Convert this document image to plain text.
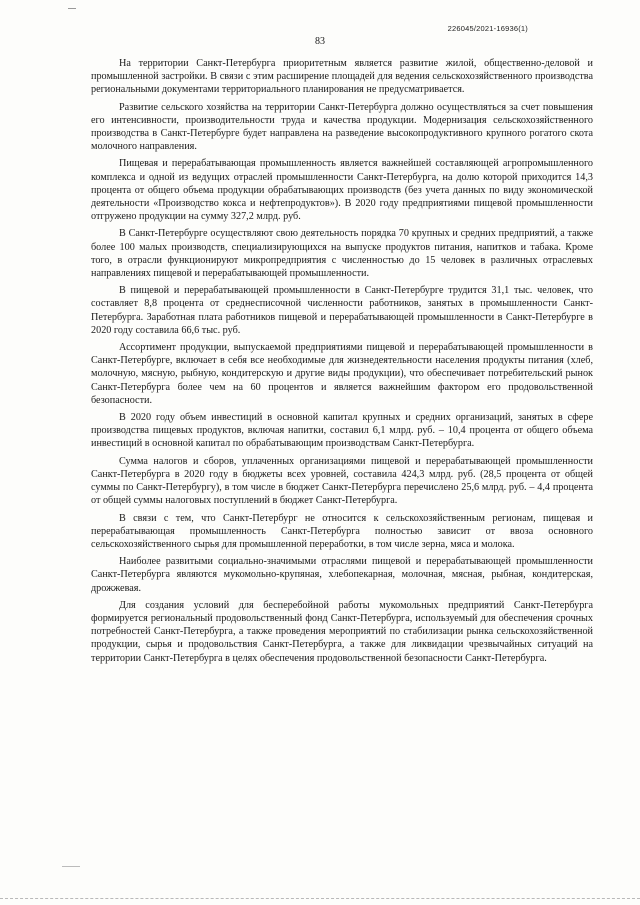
226045/2021-16936(1)
83

На территории Санкт-Петербурга приоритетным является развитие жилой, общественно-деловой и промышленной застройки. В связи с этим расширение площадей для ведения сельскохозяйственного производства региональными документами территориального планирования не предусматривается.

Развитие сельского хозяйства на территории Санкт-Петербурга должно осуществляться за счет повышения его интенсивности, производительности труда и качества продукции. Модернизация сельскохозяйственного производства в Санкт-Петербурге будет направлена на разведение высокопродуктивного крупного рогатого скота молочного направления.

Пищевая и перерабатывающая промышленность является важнейшей составляющей агропромышленного комплекса и одной из ведущих отраслей промышленности Санкт-Петербурга, на долю которой приходится 14,3 процента от общего объема продукции обрабатывающих производств (без учета данных по виду экономической деятельности «Производство кокса и нефтепродуктов»). В 2020 году предприятиями пищевой промышленности отгружено продукции на сумму 327,2 млрд. руб.

В Санкт-Петербурге осуществляют свою деятельность порядка 70 крупных и средних предприятий, а также более 100 малых производств, специализирующихся на выпуске продуктов питания, напитков и табака. Кроме того, в отрасли функционируют микропредприятия с численностью до 15 человек в различных отраслевых направлениях пищевой и перерабатывающей промышленности.

В пищевой и перерабатывающей промышленности в Санкт-Петербурге трудится 31,1 тыс. человек, что составляет 8,8 процента от среднесписочной численности работников, занятых в промышленности Санкт-Петербурга. Заработная плата работников пищевой и перерабатывающей промышленности в Санкт-Петербурге в 2020 году составила 66,6 тыс. руб.

Ассортимент продукции, выпускаемой предприятиями пищевой и перерабатывающей промышленности в Санкт-Петербурге, включает в себя все необходимые для жизнедеятельности населения продукты питания (хлеб, молочную, мясную, рыбную, кондитерскую и другие виды продукции), что обеспечивает потребительский рынок Санкт-Петербурга более чем на 60 процентов и является важнейшим фактором его продовольственной безопасности.

В 2020 году объем инвестиций в основной капитал крупных и средних организаций, занятых в сфере производства пищевых продуктов, включая напитки, составил 6,1 млрд. руб. – 10,4 процента от общего объема инвестиций в основной капитал по обрабатывающим производствам Санкт-Петербурга.

Сумма налогов и сборов, уплаченных организациями пищевой и перерабатывающей промышленности Санкт-Петербурга в 2020 году в бюджеты всех уровней, составила 424,3 млрд. руб. (28,5 процента от общей суммы по Санкт-Петербургу), в том числе в бюджет Санкт-Петербурга перечислено 25,6 млрд. руб. – 4,4 процента от общей суммы налоговых поступлений в бюджет Санкт-Петербурга.

В связи с тем, что Санкт-Петербург не относится к сельскохозяйственным регионам, пищевая и перерабатывающая промышленность Санкт-Петербурга полностью зависит от ввоза основного сельскохозяйственного сырья для промышленной переработки, в том числе зерна, мяса и молока.

Наиболее развитыми социально-значимыми отраслями пищевой и перерабатывающей промышленности Санкт-Петербурга являются мукомольно-крупяная, хлебопекарная, молочная, мясная, рыбная, кондитерская, дрожжевая.

Для создания условий для бесперебойной работы мукомольных предприятий Санкт-Петербурга формируется региональный продовольственный фонд Санкт-Петербурга, используемый для обеспечения срочных потребностей Санкт-Петербурга, а также проведения мероприятий по стабилизации рынка сельскохозяйственной продукции, сырья и продовольствия Санкт-Петербурга, а также для ликвидации чрезвычайных ситуаций на территории Санкт-Петербурга в целях обеспечения продовольственной безопасности Санкт-Петербурга.
